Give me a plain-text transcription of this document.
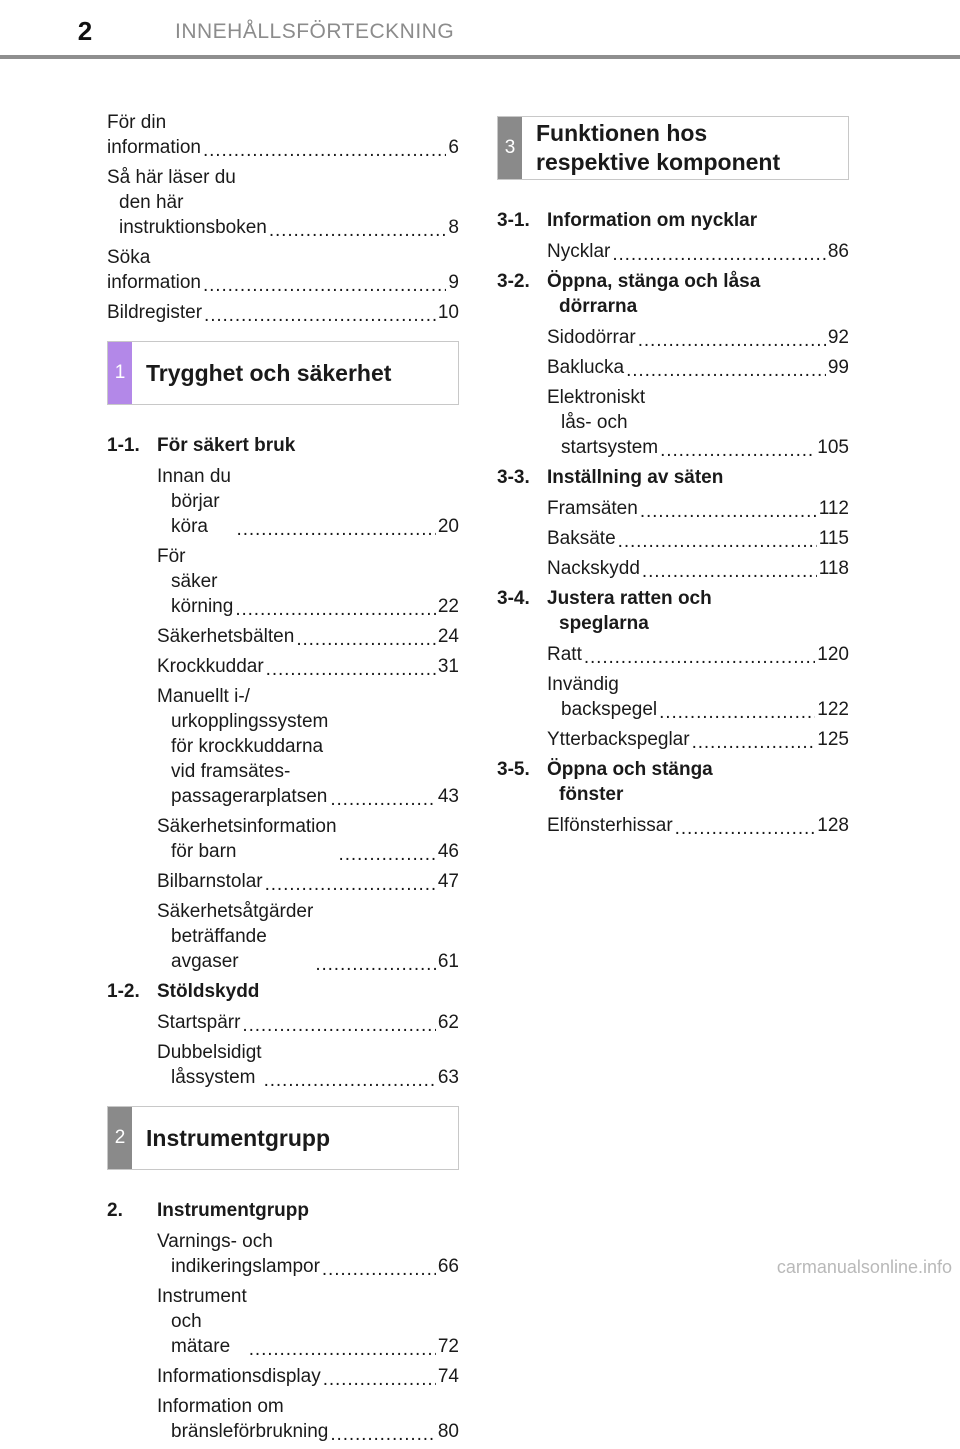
2	INNEHÅLLSFÖRTECKNING
För din information . . .	6
Så här läser du den här instruktionsboken . . .	8
Söka information . . .	9
Bildregister . . .	10
1 Trygghet och säkerhet
1-1. För säkert bruk
Innan du börjar köra . . .	20
För säker körning . . .	22
Säkerhetsbälten . . .	24
Krockkuddar . . .	31
Manuellt i-/ urkopplingssystem för krockkuddarna vid framsätes-passagerarplatsen . . .	43
Säkerhetsinformation för barn . . .	46
Bilbarnstolar . . .	47
Säkerhetsåtgärder beträffande avgaser . . .	61
1-2. Stöldskydd
Startspärr . . .	62
Dubbelsidigt låssystem . . .	63
2 Instrumentgrupp
2.	Instrumentgrupp
Varnings- och indikeringslampor . . .	66
Instrument och mätare . . .	72
Informationsdisplay . . .	74
Information om bränsleförbrukning . . .	80
3
Funktionen hos respektive komponent
3-1. Information om nycklar
Nycklar . . .	86
3-2. Öppna, stänga och låsa dörrarna
Sidodörrar . . .	92
Baklucka . . .	99
Elektroniskt lås- och startsystem . . .	105
3-3. Inställning av säten
Framsäten . . .	112
Baksäte . . .	115
Nackskydd . . .	118
3-4. Justera ratten och speglarna
Ratt . . .	120
Invändig backspegel . . .	122
Ytterbackspeglar . . .	125
3-5. Öppna och stänga fönster
Elfönsterhissar . . .	128
carmanualsonline.info
